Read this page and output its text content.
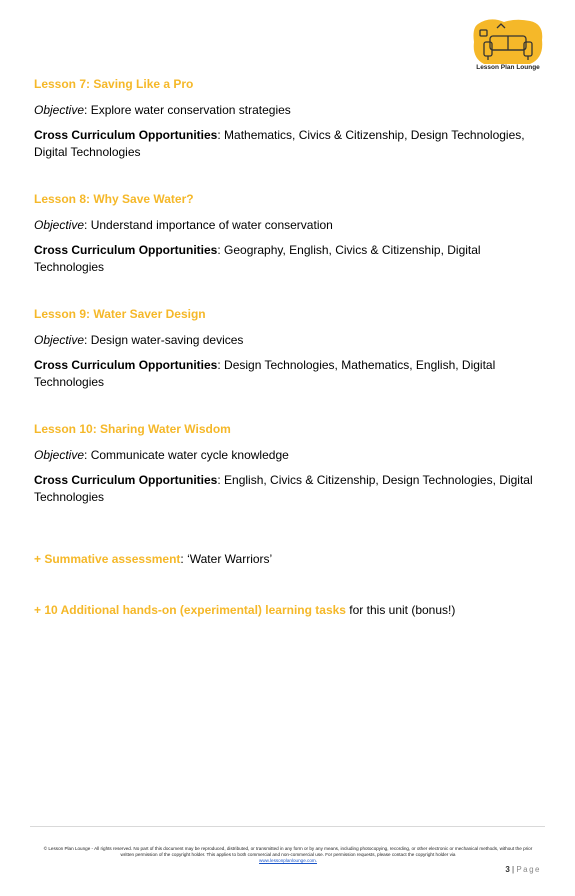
Lesson Plan Lounge

Lesson 7: Saving Like a Pro

Objective: Explore water conservation strategies

Cross Curriculum Opportunities: Mathematics, Civics & Citizenship, Design Technologies, Digital Technologies

Lesson 8: Why Save Water?

Objective: Understand importance of water conservation

Cross Curriculum Opportunities: Geography, English, Civics & Citizenship, Digital Technologies

Lesson 9: Water Saver Design

Objective: Design water-saving devices

Cross Curriculum Opportunities: Design Technologies, Mathematics, English, Digital Technologies

Lesson 10: Sharing Water Wisdom

Objective: Communicate water cycle knowledge

Cross Curriculum Opportunities: English, Civics & Citizenship, Design Technologies, Digital Technologies

+ Summative assessment: ‘Water Warriors’
+ 10 Additional hands-on (experimental) learning tasks for this unit (bonus!)
© Lesson Plan Lounge - All rights reserved. No part of this document may be reproduced, distributed, or transmitted in any form or by any means, including photocopying, recording, or other electronic or mechanical methods, without the prior written permission of the copyright holder. This applies to both commercial and non-commercial use. For permission requests, please contact the copyright holder via
www.lessonplanlounge.com.
3 | Page
